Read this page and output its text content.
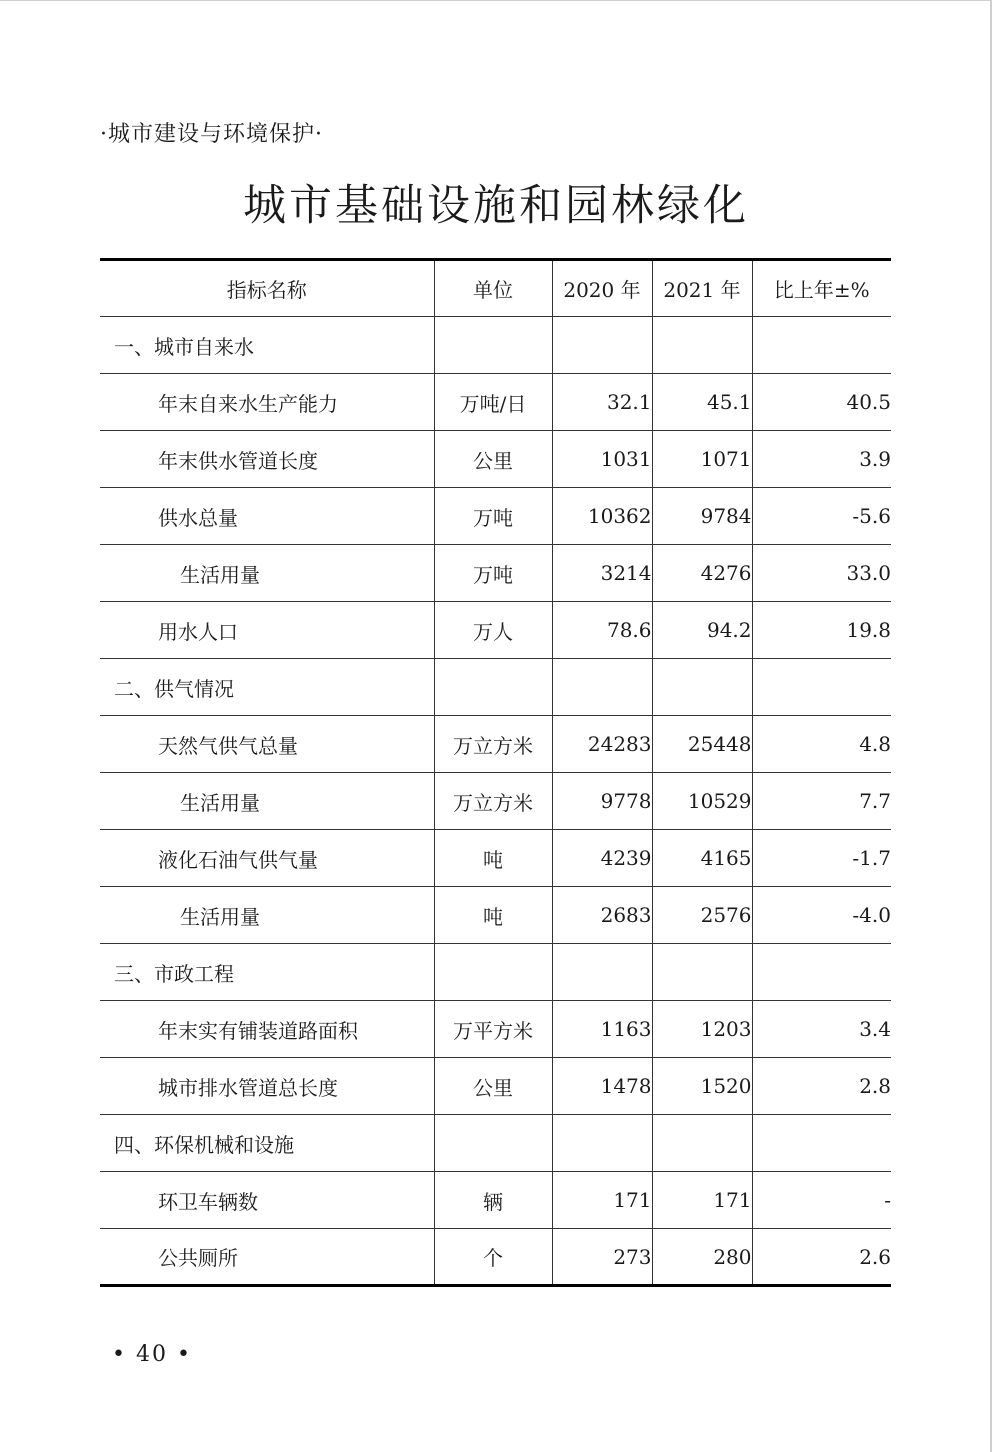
·城市建设与环境保护·
城市基础设施和园林绿化
指标名称	单位	2020 年	2021 年	比上年±%
一、城市自来水				
年末自来水生产能力	万吨/日	32.1	45.1	40.5
年末供水管道长度	公里	1031	1071	3.9
供水总量	万吨	10362	9784	-5.6
生活用量	万吨	3214	4276	33.0
用水人口	万人	78.6	94.2	19.8
二、供气情况				
天然气供气总量	万立方米	24283	25448	4.8
生活用量	万立方米	9778	10529	7.7
液化石油气供气量	吨	4239	4165	-1.7
生活用量	吨	2683	2576	-4.0
三、市政工程				
年末实有铺装道路面积	万平方米	1163	1203	3.4
城市排水管道总长度	公里	1478	1520	2.8
四、环保机械和设施				
环卫车辆数	辆	171	171	-
公共厕所	个	273	280	2.6
• 40 •
